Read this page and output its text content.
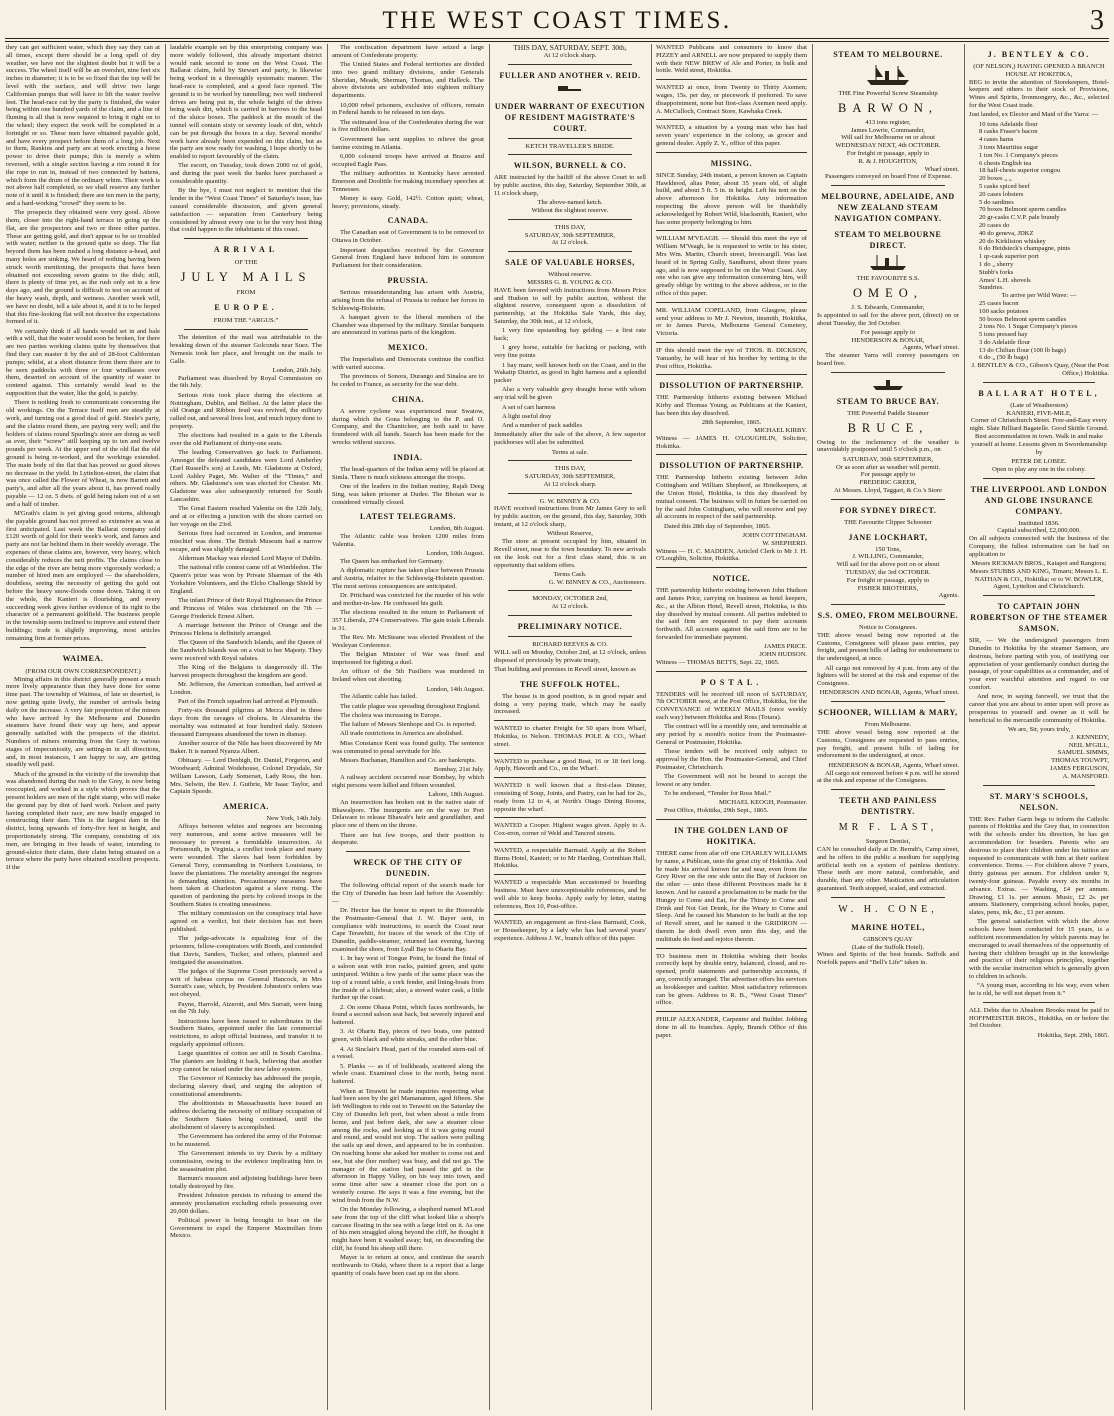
THE WEST COAST TIMES.	3

they can get sufficient water, which they say they can at all times, except there should be a long spell of dry weather, we have not the slightest doubt but it will be a success. The wheel itself will be an overshot, nine feet six inches in diameter; it is to be so fixed that the top will be level with the surface, and will drive two large Californian pumps that will have to lift the water twelve feet. The head-race cut by the party is finished, the water being within one hundred yards of the claim, and a line of fluming is all that is now required to bring it right on to the wheel; they expect the work will be completed in a fortnight or so. These men have obtained payable gold, and have every prospect before them of a long job. Next to them, Rankins and party are at work erecting a horse power to drive their pumps; this is merely a whim reversed, with a single section having a rim round it for the rope to run in, instead of two connected by battens, which form the drum of the ordinary whim. Their work is not above half completed, so we shall reserve any further note of it until it is finished; there are ten men in the party, and a hard-working “crowd” they seem to be.

The prospects they obtained were very good. Above them, closer into the right-hand terrace in going up the flat, are the prospectors and two or three other parties. These are getting gold, and don't appear to be so troubled with water; neither is the ground quite so deep. The flat beyond them has been rushed a long distance a-head, and many holes are sinking. We heard of nothing having been struck worth mentioning, the prospects that have been obtained not exceeding seven grains to the dish; still, there is plenty of time yet, as the rush only set in a few days ago, and the ground is difficult to test on account of the heavy wash, depth, and wetness. Another week will, we have no doubt, tell a tale about it, and it is to be hoped that this fine-looking flat will not deceive the expectations formed of it.

We certainly think if all hands would set in and bale with a will, that the water would soon be broken, for there are two parties working claims quite by themselves that find they can master it by the aid of 28-foot Californian pumps; whilst, at a short distance from them there are to be seen paddocks with three or four windlasses over them, deserted on account of the quantity of water to contend against. This certainly would lead to the supposition that the water, like the gold, is patchy.

There is nothing fresh to communicate concerning the old workings. On the Terrace itself men are steadily at work, and turning out a good deal of gold. Steele's party, and the claims round them, are paying very well; and the holders of claims round Spurling's store are doing as well as ever, their “screw” still keeping up to ten and twelve pounds per week. At the upper end of the old flat the old ground is being re-worked, and the workings extended. The main body of the flat that has proved so good shows no decrease in the yield. In Lyttelton-street, the claim that was once called the Flower of Wheat, is now Barrett and party's, and after all the years about it, has proved really payable — 12 oz. 5 dwts. of gold being taken out of a set and a half of timber.

M'Grath's claim is yet giving good returns, although the payable ground has not proved so extensive as was at first anticipated. Last week the Ballarat company sold £120 worth of gold for their week's work, and James and party are not far behind them in their weekly average. The expenses of these claims are, however, very heavy, which considerably reduces the nett profits. The claims close to the edge of the river are being more vigorously worked; a number of hired men are employed — the shareholders, doubtless, seeing the necessity of getting the gold out before the heavy snow-floods come down. Taking it on the whole, the Kanieri is flourishing, and every succeeding week gives further evidence of its right to the character of a permanent goldfield. The business people in the township seem inclined to improve and extend their buildings; trade is slightly improving, most articles remaining firm at former prices.

WAIMEA.
(FROM OUR OWN CORRESPONDENT.)

Mining affairs in this district generally present a much more lively appearance than they have done for some time past. The township of Waimea, of late so deserted, is now getting quite lively, the number of arrivals being daily on the increase. A very fair proportion of the miners who have arrived by the Melbourne and Dunedin steamers have found their way up here, and appear generally satisfied with the prospects of the district. Numbers of miners returning from the Grey in various stages of impecuniosity, are setting-in in all directions, and, in most instances, I am happy to say, are getting steadily well paid.

Much of the ground in the vicinity of the township that was abandoned during the rush to the Grey, is now being reoccupied, and worked in a style which proves that the present holders are men of the right stamp, who will make the ground pay by dint of hard work. Nelson and party having completed their race, are now busily engaged in constructing their dam. This is the largest dam in the district, being upwards of forty-five feet in height, and proportionately strong. The company, consisting of six men, are bringing in five heads of water, intending to ground-sluice their claim, their claim being situated on a terrace where the party have obtained excellent prospects. If the

laudable example set by this enterprising company was more widely followed, this already important district would rank second to none on the West Coast. The Ballarat claim, held by Stewart and party, is likewise being worked in a thoroughly systematic manner. The head-race is completed, and a good face opened. The ground is to be worked by tunnelling; two well timbered drives are being put in, the whole height of the drives being wash dirt, which is carried in barrows to the head of the sluice boxes. The paddock at the mouth of the tunnel will contain sixty or seventy loads of dirt, which can be put through the boxes in a day. Several months' work have already been expended on this claim, but as the party are now ready for washing, I hope shortly to be enabled to report favourably of the claim.

The escort, on Tuesday, took down 2000 oz of gold, and during the past week the banks have purchased a considerable quantity.

By the bye, I must not neglect to mention that the lender in the “West Coast Times” of Saturday's issue, has caused considerable discussion, and given general satisfaction — separation from Canterbury being considered by almost every one to be the very best thing that could happen to the inhabitants of this coast.

ARRIVAL
OF THE
JULY MAILS
FROM
EUROPE.
FROM THE “ARGUS.”

The detention of the mail was attributable to the breaking down of the steamer Golconda near Suez. The Nemesis took her place, and brought on the mails to Galle.

London, 26th July.

Parliament was dissolved by Royal Commission on the 6th July.

Serious riots took place during the elections at Nottingham, Dublin, and Belfast. At the latter place the old Orange and Ribbon feud was revived, the military called out, and several lives lost, and much injury done to property.

The elections had resulted in a gain to the Liberals over the old Parliament of thirty-one seats.

The leading Conservatives go back to Parliament. Amongst the defeated candidates were Lord Amberley (Earl Russell's son) at Leeds, Mr. Gladstone at Oxford, Lord Ashley Paget, Mr. Walter of the “Times,” and others. Mr. Gladstone's son was elected for Chester. Mr. Gladstone was also subsequently returned for South Lancashire.

The Great Eastern reached Valentia on the 12th July, and at or effecting a junction with the shore carried on her voyage on the 23rd.

Serious fires had occurred in London, and immense mischief was done. The British Museum had a narrow escape, and was slightly damaged.

Alderman Mackay was elected Lord Mayor of Dublin.

The national rifle contest came off at Wimbledon. The Queen's prize was won by Private Sharman of the 4th Yorkshire Volunteers, and the Elcho Challenge Shield by England.

The infant Prince of their Royal Highnesses the Prince and Princess of Wales was christened on the 7th — George Frederick Ernest Albert.

A marriage between the Prince of Orange and the Princess Helena is definitely arranged.

The Queen of the Sandwich Islands, and the Queen of the Sandwich Islands was on a visit to her Majesty. They were received with Royal salutes.

The King of the Belgians is dangerously ill. The harvest prospects throughout the kingdom are good.

Mr. Jefferson, the American comedian, had arrived at London.

Part of the French squadron had arrived at Plymouth.

Forty-six thousand pilgrims at Mecca died in three days from the ravages of cholera. In Alexandria the mortality was estimated at four hundred daily. Sixteen thousand Europeans abandoned the town in dismay.

Another source of the Nile has been discovered by Mr Baker. It is named Nyanza Albert.

Obituary. — Lord Denbigh, Dr. Daniel, Forgeron, and Woodward; Admiral Wodehouse, Colonel Drysdale, Sir William Lawson, Lady Somerset, Lady Ross, the hon. Mrs. Selwin, the Rev. J. Guthrie, Mr Isaac Taylor, and Captain Speede.

AMERICA.
New York, 14th July.

Affrays between whites and negroes are becoming very numerous, and some active measures will be necessary to prevent a formidable insurrection. At Portsmouth, in Virginia, a conflict took place and many were wounded. The slaves had been forbidden by General Terry, commanding in Northern Louisiana, to leave the plantations. The mortality amongst the negroes is demanding attention. Precautionary measures have been taken at Charleston against a slave rising. The question of pardoning the ports by colored troops in the Southern States is creating uneasiness.

The military commission on the conspiracy trial have agreed on a verdict, but their decision has not been published.

The judge-advocate is equalizing four of the prisoners, fellow-conspirators with Booth, and contended that Davis, Sanders, Tucker, and others, planned and instigated the assassination.

The judges of the Supreme Court previously served a writ of habeas corpus on General Hancock, in Mrs Surratt's case, which, by President Johnston's orders was not obeyed.

Payne, Harrold, Atzerott, and Mrs Surratt, were hung on the 7th July.

Instructions have been issued to subordinates in the Southern States, appointed under the late commercial restrictions, to adopt official business, and transfer it to regularly appointed officers.

Large quantities of cotton are still in South Carolina. The planters are holding it back, believing that another crop cannot be raised under the new labor system.

The Governor of Kentucky has addressed the people, declaring slavery dead, and urging the adoption of constitutional amendments.

The abolitionists in Massachusetts have issued an address declaring the necessity of military occupation of the Southern States being continued, until the abolishment of slavery is accomplished.

The Government has ordered the army of the Potomac to be mustered.

The Government intends to try Davis by a military commission, owing to the evidence implicating him in the assassination plot.

Barnum's museum and adjoining buildings have been totally destroyed by fire.

President Johnston persists in refusing to amend the amnesty proclamation excluding rebels possessing over 20,000 dollars.

Political power is being brought to bear on the Government to expel the Emperor Maximilian from Mexico.

The confiscation department have seized a large amount of Confederate property.

The United States and Federal territories are divided into two grand military divisions, under Generals Sheridan, Meade, Sherman, Thomas, and Halleck. The above divisions are subdivided into eighteen military departments.

10,000 rebel prisoners, exclusive of officers, remain in Federal hands to be released in ten days.

The estimated loss of the Confederates during the war is five million dollars.

Government has sent supplies to relieve the great famine existing in Atlanta.

6,000 coloured troops have arrived at Brazos and occupied Eagle Pass.

The military authorities in Kentucky have arrested Emerson and Doolittle for making incendiary speeches at Tennessee.

Money is easy. Gold, 142½. Cotton quiet; wheat, heavy; provisions, steady.

CANADA.

The Canadian seat of Government is to be removed to Ottawa in October.

Important despatches received by the Governor General from England have induced him to summon Parliament for their consideration.

PRUSSIA.

Serious misunderstanding has arisen with Austria, arising from the refusal of Prussia to reduce her forces in Schleswig-Holstein.

A banquet given to the liberal members of the Chamber was dispersed by the military. Similar banquets are announced in various parts of the kingdom.

MEXICO.

The Imperialists and Democrats continue the conflict with varied success.

The provinces of Sonora, Durango and Sinaloa are to be ceded to France, as security for the war debt.

CHINA.

A severe cyclone was experienced near Swatow, during which the Gona belonging to the P. and O. Company, and the Chanticleer, are both said to have foundered with all hands. Search has been made for the wrecks without success.

INDIA.

The head-quarters of the Indian army will be placed at Simla. There is much sickness amongst the troops.

One of the leaders in the Indian mutiny, Rajah Deeg Sing, was taken prisoner at Dudee. The Bhotan war is considered virtually closed.

LATEST TELEGRAMS.
London, 8th August.

The Atlantic cable was broken 1200 miles from Valentia.

London, 10th August.

The Queen has embarked for Germany.

A diplomatic rupture has taken place between Prussia and Austria, relative to the Schleswig-Holstein question. The most serious consequences are anticipated.

Dr. Pritchard was convicted for the murder of his wife and mother-in-law. He confessed his guilt.

The elections resulted in the return to Parliament of 357 Liberals, 274 Conservatives. The gain totals Liberals is 31.

The Rev. Mr. McSteane was elected President of the Wesleyan Conference.

The Belgian Minister of War was fined and imprisoned for fighting a duel.

An officer of the 5th Fusiliers was murdered in Ireland when out shooting.

London, 14th August.

The Atlantic cable has failed.

The cattle plague was spreading throughout England.

The cholera was increasing in Europe.

The failure of Messrs Stenhope and Co. is reported.

All trade restrictions in America are abolished.

Miss Constance Kent was found guilty. The sentence was commuted to penal servitude for life.

Messrs Buchanan, Hamilton and Co. are bankrupts.

Bombay, 21st July.

A railway accident occurred near Bombay, by which eight persons were killed and fifteen wounded.

Lahore, 18th August.

An insurrection has broken out in the native state of Bhawalpore. The insurgents are on the way to Port Delaware to release Bhawab's heir and grandfather, and place one of them on the throne.

There are but few troops, and their position is desperate.

WRECK OF THE CITY OF DUNEDIN.

The following official report of the search made for the City of Dunedin has been laid before the Assembly: —

Dr. Hector has the honor to report to the Honorable the Postmaster-General that J. W. Bayer sent, in compliance with instructions, to search the Coast near Cape Terawhiti, for traces of the wreck of the City of Dunedin, paddle-steamer, returned last evening, having examined the shore, from Lyall Bay to Ohariu Bay.

1. In bay west of Tongue Point, he found the finial of a saloon seat with iron racks, painted green, and quite uninjured. Within a few yards of the same place was the top of a round table, a cork fender, and lining-boats from the inside of a lifeboat; also, a stowed water cask, a little further up the coast.

2. On some Ohaua Point, which faces northwards, he found a second saloon seat back, but severely injured and battered.

3. At Ohariu Bay, pieces of two boats, one painted green, with black and white streaks, and the other blue.

4. At Sinclair's Head, part of the rounded stern-rail of a vessel.

5. Planks — as if of bulkheads, scattered along the whole coast. Examined close to the north, being most battered.

When at Terawiti he made inquiries respecting what had been seen by the girl Mamanamen, aged fifteen. She left Wellington to ride out to Terawiti on the Saturday the City of Dunedin left port, but when about a mile from home, and just before dark, she saw a steamer close among the rocks, and looking as if it was going round and round, and would not stop. The sailors were pulling the sails up and down, and appeared to be in confusion. On reaching home she asked her mother to come out and see, but she (her mother) was busy, and did not go. The manager of the station had passed the girl in the afternoon in Happy Valley, on his way into town, and some time after saw a steamer close the port on a westerly course. He says it was a fine evening, but the wind fresh from the N.W.

On the Monday following, a shepherd named M'Leod saw from the top of the cliff what looked like a sheep's carcase floating in the sea with a large bird on it. As one of his men straggled along beyond the cliff, he thought it might have been it washed away; but, on descending the cliff, he found his sheep still there.

Mayer is to return at once, and continue the search northwards to Otaki, where there is a report that a large quantity of coals have been cast up on the shore.

THIS DAY, SATURDAY, SEPT. 30th,
At 12 o'clock sharp.
FULLER AND ANOTHER v. REID.
UNDER WARRANT OF EXECUTION OF RESIDENT MAGISTRATE'S COURT.
KETCH TRAVELLER'S BRIDE.
WILSON, BURNELL & CO.

ARE instructed by the bailiff of the above Court to sell by public auction, this day, Saturday, September 30th, at 11 o'clock sharp,

The above-named ketch.
Without the slightest reserve.
THIS DAY,
SATURDAY, 30th SEPTEMBER,
At 12 o'clock.
SALE OF VALUABLE HORSES,
Without reserve.
MESSRS G. B. YOUNG & CO.

HAVE been favored with instructions from Messrs Price and Hudson to sell by public auction, without the slightest reserve, consequent upon a dissolution of partnership, at the Hokitika Sale Yards, this day, Saturday, the 30th inst., at 12 o'clock,

1 very fine upstanding bay gelding — a first rate hack;

1 grey horse, suitable for hacking or packing, with very fine points

1 bay mare, well known both on the Coast, and in the Wakatip District, as good in light harness and a splendid packer

Also a very valuable grey draught horse with whom any trial will be given

A set of cart harness

A light useful dray

And a number of pack saddles

Immediately after the sale of the above, A few superior packhorses will also be submitted.

Terms at sale.
THIS DAY,
SATURDAY, 30th SEPTEMBER,
At 12 o'clock sharp.
G. W. BINNEY & CO.

HAVE received instructions from Mr James Grey to sell by public auction, on the ground, this day, Saturday, 30th instant, at 12 o'clock sharp,

Without Reserve,

The store at present occupied by him, situated in Revell street, near to the town boundary. To new arrivals on the look out for a first class stand, this is an opportunity that seldom offers.

Terms Cash.
G. W. BINNEY & CO., Auctioneers.
MONDAY, OCTOBER 2nd,
At 12 o'clock.
PRELIMINARY NOTICE.
RICHARD REEVES & CO.

WILL sell on Monday, October 2nd, at 12 o'clock, unless disposed of previously by private treaty,

That building and premises in Revell street, known as

THE SUFFOLK HOTEL.

The house is in good position, is in good repair and doing a very paying trade, which may be easily increased.

WANTED to charter Freight for 50 spars from Wharf, Hokitika, to Nelson. THOMAS POLE & CO., Wharf street.

WANTED to purchase a good Boat, 16 or 18 feet long. Apply, Haworth and Co., on the Wharf.

WANTED it well known that a first-class Dinner, consisting of Soup, Joints, and Pastry, can be had for 2s., ready from 12 to 4, at North's Otago Dining Rooms, opposite the wharf.

WANTED a Cooper. Highest wages given. Apply to A. Cox-eron, corner of Weld and Tancred streets.

WANTED, a respectable Barmaid. Apply at the Robert Burns Hotel, Kanieri; or to Mr Harding, Corinthian Hall, Hokitika.

WANTED a respectable Man accustomed to boarding business. Must have unexceptionable references, and be well able to keep books. Apply early by letter, stating references, Box 10, Post-office.

WANTED, an engagement as first-class Barmaid, Cook, or Housekeeper, by a lady who has had several years' experience. Address J. W., branch office of this paper.

WANTED Publicans and consumers to know that PIZZEY and ARNELL are now prepared to supply them with their NEW BREW of Ale and Porter, in bulk and bottle. Weld street, Hokitika.

WANTED at once, from Twenty to Thirty Axemen; wages, 15s. per day, or piecework if preferred. To save disappointment, none but first-class Axemen need apply. A. McCulloch, Contract Store, Kawhaka Creek.

WANTED, a situation by a young man who has had seven years' experience in the colony, as grocer and general dealer. Apply Z. Y., office of this paper.

MISSING.

SINCE Sunday, 24th instant, a person known as Captain Hawkhood, alias Peter, about 35 years old, of slight build, and about 5 ft. 5 in. in height. Left his tent on the above afternoon for Hokitika. Any information respecting the above person will be thankfully acknowledged by Robert Wild, blacksmith, Kanieri, who has some property belonging to him.

WILLIAM M'VEAGH. — Should this meet the eye of William M'Veagh, he is requested to write to his sister, Mrs Wm. Martin, Church street, Invercargill. Was last heard of in Spring Gully, Sandhurst, about three years ago, and is now supposed to be on the West Coast. Any one who can give any information concerning him, will greatly oblige by writing to the above address, or to the office of this paper.

MR. WILLIAM COPELAND, from Glasgow, please send your address to Mr J. Newton, tinsmith, Hokitika, or to James Purvis, Melbourne General Cemetery, Victoria.

IF this should meet the eye of THOS. B. DICKSON, Yamanby, he will hear of his brother by writing to the Post office, Hokitika.

DISSOLUTION OF PARTNERSHIP.

THE Partnership hitherto existing between Michael Kirby and Thomas Young, as Publicans at the Kanieri, has been this day dissolved.

28th September, 1865.
MICHAEL KIRBY.

Witness — JAMES H. O'LOUGHLIN, Solicitor, Hokitika.

DISSOLUTION OF PARTNERSHIP.

THE Partnership hitherto existing between John Cottingham and William Shepherd, as Hotelkeepers, at the Union Hotel, Hokitika, is this day dissolved by mutual consent. The business will in future be carried on by the said John Cottingham, who will receive and pay all accounts in respect of the said partnership.

Dated this 28th day of September, 1865.

JOHN COTTINGHAM.
W. SHEPHERD.

Witness — H. C. MADDEN, Articled Clerk to Mr J. H. O'Loughlin, Solicitor, Hokitika.

NOTICE.

THE partnership hitherto existing between John Hudson and James Price, carrying on business as hotel keepers, &c., at the Albion Hotel, Revell street, Hokitika, is this day dissolved by mutual consent. All parties indebted to the said firm are requested to pay their accounts forthwith. All accounts against the said firm are to be forwarded for immediate payment.

JAMES PRICE.
JOHN HUDSON.

Witness — THOMAS BETTS, Sept. 22, 1865.

POSTAL.

TENDERS will be received till noon of SATURDAY, 7th OCTOBER next, at the Post Office, Hokitika, for the CONVEYANCE of WEEKLY MAILS (once weekly each way) between Hokitika and Ross (Totara).

The contract will be a monthly one, and terminable at any period by a month's notice from the Postmaster-General or Postmaster, Hokitika.

These tenders will be received only subject to approval by the Hon. the Postmaster-General, and Chief Postmaster, Christchurch.

The Government will not be bound to accept the lowest or any tender.

To be endorsed, “Tender for Ross Mail.”

MICHAEL KEOGH, Postmaster.

Post Office, Hokitika, 29th Sept., 1865.

IN THE GOLDEN LAND OF HOKITIKA.

THERE came from afar off one CHARLEY WILLIAMS by name, a Publican, unto the great city of Hokitika. And he made his arrival known far and near, even from the Grey River on the one side unto the Bay of Jackson on the other — unto these different Provinces made he it known. And he caused a proclamation to be made for the Hungry to Come and Eat, for the Thirsty to Come and Drink and Not Get Drunk, for the Weary to Come and Sleep. And he caused his Mansion to be built at the top of Revell street, and he named it the GRIDIRON — therein he doth dwell even unto this day, and the multitude do feed and rejoice therein.

TO business men in Hokitika wishing their books correctly kept by double entry, balanced, closed, and re-opened, profit statements and partnership accounts, if any, correctly arranged. The advertiser offers his services as bookkeeper and cashier. Most satisfactory references can be given. Address to R. B., “West Coast Times” office.

PHILIP ALEXANDER, Carpenter and Builder. Jobbing done in all its branches. Apply, Branch Office of this paper.

STEAM TO MELBOURNE.
THE Fine Powerful Screw Steamship
BARWON,
413 tons register,
James Lowrie, Commander,
Will sail for Melbourne on or about
WEDNESDAY NEXT, 4th OCTOBER.
For freight or passage, apply to
R. & J. HOUGHTON,
Wharf street.

Passengers conveyed on board Free of Expense.

MELBOURNE, ADELAIDE, AND NEW ZEALAND STEAM NAVIGATION COMPANY.
STEAM TO MELBOURNE DIRECT.
THE FAVOURITE S.S.
OMEO,
J. S. Edwards, Commander,

Is appointed to sail for the above port, (direct) on or about Tuesday, the 3rd October.

For passage apply to
HENDERSON & BONAR,
Agents, Wharf street.

The steamer Yarra will convey passengers on board free.

STEAM TO BRUCE BAY.
THE Powerful Paddle Steamer
BRUCE,

Owing to the inclemency of the weather is unavoidably postponed until 5 o'clock p.m., on

SATURDAY, 30th SEPTEMBER,
Or as soon after as weather will permit.
For passage apply to
FREDERIC GREER,
At Messrs. Lloyd, Taggart, & Co.'s Store
FOR SYDNEY DIRECT.
THE Favourite Clipper Schooner
JANE LOCKHART,
150 Tons,
J. WILLING, Commander,
Will sail for the above port on or about
TUESDAY, the 3rd OCTOBER.
For freight or passage, apply to
FISHER BROTHERS,
Agents.
S.S. OMEO, FROM MELBOURNE.
Notice to Consignees.

THE above vessel being now reported at the Customs, Consignees will please pass entries, pay freight, and present bills of lading for endorsement to the undersigned, at once.

All cargo not removed by 4 p.m. from any of the lighters will be stored at the risk and expense of the Consignees.

HENDERSON AND BONAR, Agents, Wharf street.
SCHOONER, WILLIAM & MARY,
From Melbourne.

THE above vessel being now reported at the Customs, Consignees are requested to pass entries, pay freight, and present bills of lading for endorsement to the undersigned, at once.

HENDERSON & BONAR, Agents, Wharf street.

All cargo not removed before 4 p.m. will be stored at the risk and expense of the Consignees.

TEETH AND PAINLESS DENTISTRY.
MR F. LAST,
Surgeon Dentist,

CAN be consulted daily at Dr. Berndt's, Camp street, and he offers to the public a medium for supplying artificial teeth on a system of painless dentistry. These teeth are more natural, comfortable, and durable, than any other. Mastication and articulation guaranteed. Teeth stopped, scaled, and extracted.

W. H. CONE,
MARINE HOTEL,
GIBSON'S QUAY
(Late of the Suffolk Hotel).

Wines and Spirits of the best brands. Suffolk and Norfolk papers and “Bell's Life” taken in.

J. BENTLEY & CO.
(OF NELSON,) HAVING OPENED A BRANCH HOUSE AT HOKITIKA,

BEG to invite the attention of Storekeepers, Hotel-keepers and others to their stock of Provisions, Wines and Spirits, Ironmongery, &c., &c., selected for the West Coast trade.

Just landed, ex Elector and Maid of the Yarra: —

10 tons Adelaide flour
8 casks Fraser's bacon
4 cases hams
3 tons Mauritius sugar
1 ton No. 1 Company's pieces
6 chests English tea
18 half-chests superior congou
20 boxes „ „
5 casks spiced beef
20 cases lobsters
5 do sardines
70 boxes Belmont sperm candles
20 gr-casks C.V.P. pale brandy
20 cases do
40 do geneva, JDKZ
20 do Kirkliston whiskey
6 do Heidsieck's champagne, pints
1 qr-cask superior port
1 do „ sherry
Stubb's forks
Ames' L.H. shovels
Sundries.
To arrive per Wild Wave: —
25 cases bacon
100 sacks potatoes
50 boxes Belmont sperm candles
2 tons No. 1 Sugar Company's pieces
5 tons pressed hay
3 do Adelaide flour
13 do Chilian flour (100 lb bags)
6 do „ (50 lb bags)
J. BENTLEY & CO., Gibson's Quay, (Near the Post Office,) Hokitika.
BALLARAT HOTEL,
(Late of Weatherston)
KANIERI, FIVE-MILE,

Corner of Christchurch Street. Free-and-Easy every night. Slate Billiard Bagatelle. Good Skittle Ground. Best accommodation in town. Walk in and make yourself at home. Lessons given in Swordsmanship by

PETER DE LOBEE.
Open to play any one in the colony.
THE LIVERPOOL AND LONDON AND GLOBE INSURANCE COMPANY.
Instituted 1836.
Capital subscribed, £2,000,000.

On all subjects connected with the business of the Company, the fullest information can be had on application to

Messrs RICKMAN BROS., Kaiapoi and Rangiora; Messrs STUBBS AND KING, Timaru; Messrs L. E. NATHAN & CO., Hokitika; or to W. BOWLER, Agent, Lyttelton and Christchurch.

TO CAPTAIN JOHN ROBERTSON OF THE STEAMER SAMSON.

SIR, — We the undersigned passengers from Dunedin to Hokitika by the steamer Samson, are desirous, before parting with you, of testifying our appreciation of your gentlemanly conduct during the passage, of your capabilities as a commander, and of your ever watchful attention and regard to our comfort.

And now, in saying farewell, we trust that the career that you are about to enter upon will prove as prosperous to yourself and owner as it will be beneficial to the mercantile community of Hokitika.

We are, Sir, yours truly,
J. KENNEDY,
NEIL M'GILL,
SAMUEL SIMMS,
THOMAS TOUWPT,
JAMES FERGUSON,
A. MANSFORD.
ST. MARY'S SCHOOLS, NELSON.

THE Rev. Father Garin begs to inform the Catholic parents of Hokitika and the Grey that, in connection with the schools under his direction, he has got accommodation for boarders. Parents who are desirous to place their children under his tuition are requested to communicate with him at their earliest convenience. Terms. — For children above 7 years, thirty guineas per annum. For children under 9, twenty-four guineas. Payable every six months in advance. Extras. — Washing, £4 per annum. Drawing, £1 1s. per annum. Music, £2 2s. per annum. Stationery, comprising school books, paper, slates, pens, ink, &c., £1 per annum.

The general satisfaction with which the above schools have been conducted for 15 years, is a sufficient recommendation by which parents may be encouraged to avail themselves of the opportunity of having their children brought up in the knowledge and practice of their religious principles, together with the secular instruction which is generally given to children in schools.

“A young man, according to his way, even when he is old, he will not depart from it.”

ALL Debts due to Absalom Brooks must be paid to HOFFMEISTER BROS., Hokitika, on or before the 3rd October.

Hokitika, Sept. 29th, 1865.
